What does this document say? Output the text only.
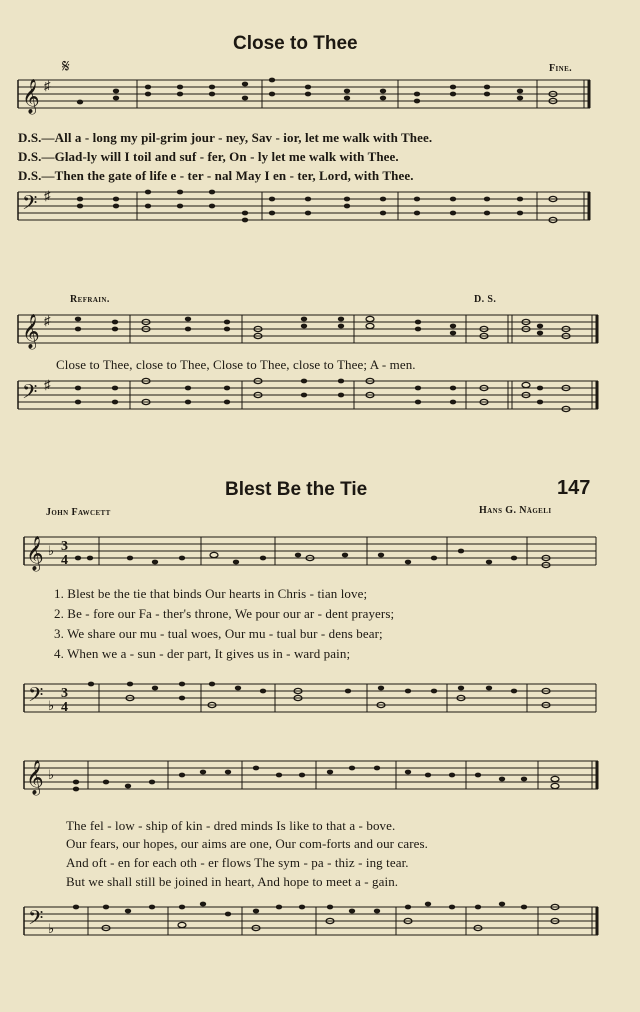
Close to Thee
𝄋	Fine.
𝄞 ♯
D.S.—All a - long my pil-grim jour - ney, Sav - ior, let me walk with Thee.
D.S.—Glad-ly will I toil and suf - fer, On - ly let me walk with Thee.
D.S.—Then the gate of life e - ter - nal May I en - ter, Lord, with Thee.
𝄢 ♯
Refrain.	D. S.
𝄞 ♯
Close to Thee, close to Thee, Close to Thee, close to Thee; A - men.
𝄢 ♯
Blest Be the Tie	147
John Fawcett	Hans G. Nägeli
𝄞 ♭ 3
4
1. Blest be the tie that binds Our hearts in Chris - tian love;
2. Be - fore our Fa - ther's throne, We pour our ar - dent prayers;
3. We share our mu - tual woes, Our mu - tual bur - dens bear;
4. When we a - sun - der part, It gives us in - ward pain;
𝄢 ♭
3
4
𝄞 ♭
The fel - low - ship of kin - dred minds Is like to that a - bove.
Our fears, our hopes, our aims are one, Our com-forts and our cares.
And oft - en for each oth - er flows The sym - pa - thiz - ing tear.
But we shall still be joined in heart, And hope to meet a - gain.
𝄢 ♭
